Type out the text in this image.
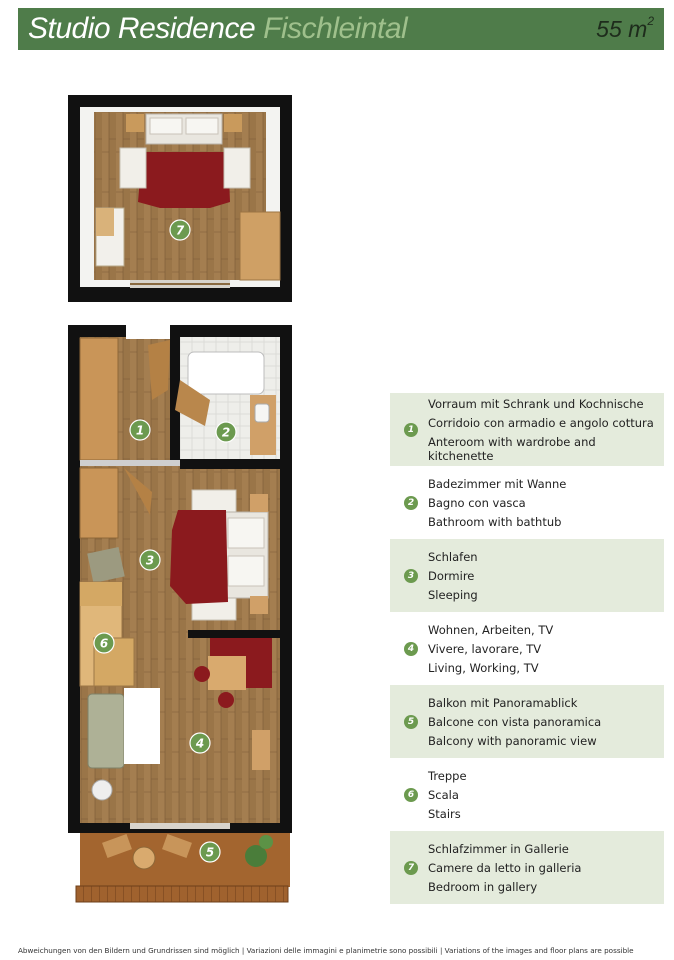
Studio Residence Fischleintal	55 $m^2$
7
1	2
3
4
6
5
1
Vorraum mit Schrank und Kochnische
Corridoio con armadio e angolo cottura
Anteroom with wardrobe and kitchenette
2
Badezimmer mit Wanne
Bagno con vasca
Bathroom with bathtub
3
Schlafen
Dormire
Sleeping
4
Wohnen, Arbeiten, TV
Vivere, lavorare, TV
Living, Working, TV
5
Balkon mit Panoramablick
Balcone con vista panoramica
Balcony with panoramic view
6
Treppe
Scala
Stairs
7
Schlafzimmer in Gallerie
Camere da letto in galleria
Bedroom in gallery
Abweichungen von den Bildern und Grundrissen sind möglich | Variazioni delle immagini e planimetrie sono possibili | Variations of the images and floor plans are possible
